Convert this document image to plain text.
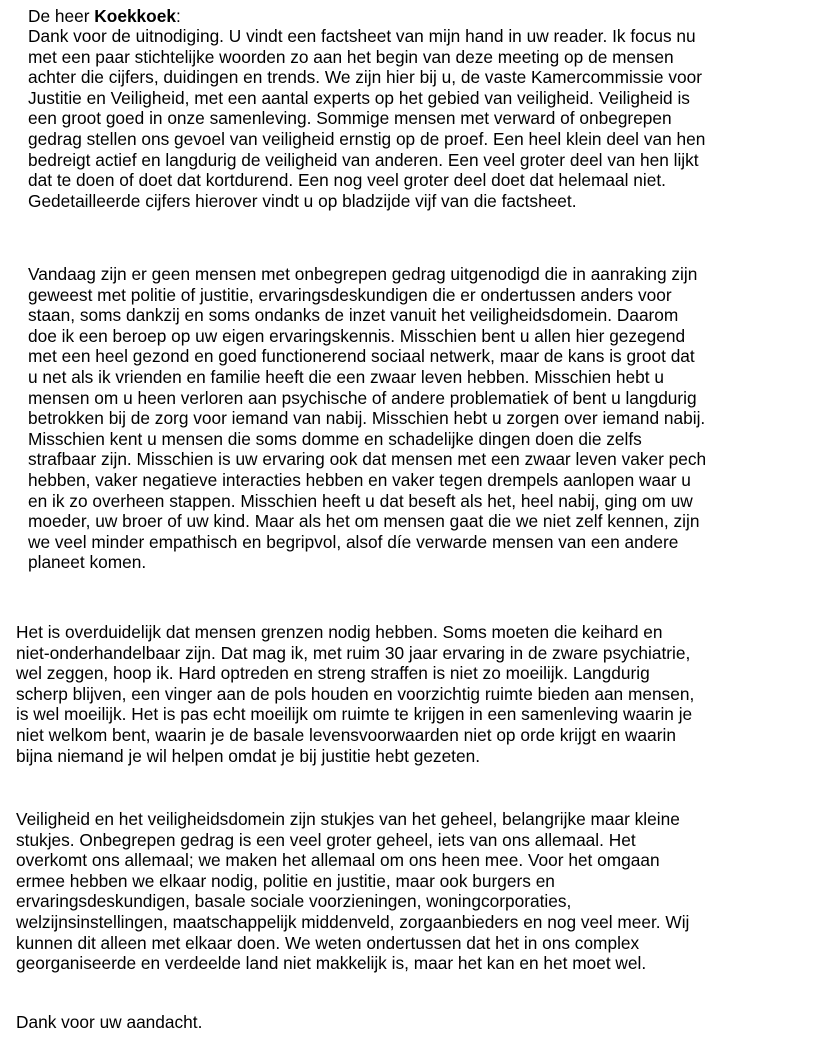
De heer Koekkoek:
Dank voor de uitnodiging. U vindt een factsheet van mijn hand in uw reader. Ik focus nu
met een paar stichtelijke woorden zo aan het begin van deze meeting op de mensen
achter die cijfers, duidingen en trends. We zijn hier bij u, de vaste Kamercommissie voor
Justitie en Veiligheid, met een aantal experts op het gebied van veiligheid. Veiligheid is
een groot goed in onze samenleving. Sommige mensen met verward of onbegrepen
gedrag stellen ons gevoel van veiligheid ernstig op de proef. Een heel klein deel van hen
bedreigt actief en langdurig de veiligheid van anderen. Een veel groter deel van hen lijkt
dat te doen of doet dat kortdurend. Een nog veel groter deel doet dat helemaal niet.
Gedetailleerde cijfers hierover vindt u op bladzijde vijf van die factsheet.
Vandaag zijn er geen mensen met onbegrepen gedrag uitgenodigd die in aanraking zijn
geweest met politie of justitie, ervaringsdeskundigen die er ondertussen anders voor
staan, soms dankzij en soms ondanks de inzet vanuit het veiligheidsdomein. Daarom
doe ik een beroep op uw eigen ervaringskennis. Misschien bent u allen hier gezegend
met een heel gezond en goed functionerend sociaal netwerk, maar de kans is groot dat
u net als ik vrienden en familie heeft die een zwaar leven hebben. Misschien hebt u
mensen om u heen verloren aan psychische of andere problematiek of bent u langdurig
betrokken bij de zorg voor iemand van nabij. Misschien hebt u zorgen over iemand nabij.
Misschien kent u mensen die soms domme en schadelijke dingen doen die zelfs
strafbaar zijn. Misschien is uw ervaring ook dat mensen met een zwaar leven vaker pech
hebben, vaker negatieve interacties hebben en vaker tegen drempels aanlopen waar u
en ik zo overheen stappen. Misschien heeft u dat beseft als het, heel nabij, ging om uw
moeder, uw broer of uw kind. Maar als het om mensen gaat die we niet zelf kennen, zijn
we veel minder empathisch en begripvol, alsof díe verwarde mensen van een andere
planeet komen.
Het is overduidelijk dat mensen grenzen nodig hebben. Soms moeten die keihard en
niet-onderhandelbaar zijn. Dat mag ik, met ruim 30 jaar ervaring in de zware psychiatrie,
wel zeggen, hoop ik. Hard optreden en streng straffen is niet zo moeilijk. Langdurig
scherp blijven, een vinger aan de pols houden en voorzichtig ruimte bieden aan mensen,
is wel moeilijk. Het is pas echt moeilijk om ruimte te krijgen in een samenleving waarin je
niet welkom bent, waarin je de basale levensvoorwaarden niet op orde krijgt en waarin
bijna niemand je wil helpen omdat je bij justitie hebt gezeten.
Veiligheid en het veiligheidsdomein zijn stukjes van het geheel, belangrijke maar kleine
stukjes. Onbegrepen gedrag is een veel groter geheel, iets van ons allemaal. Het
overkomt ons allemaal; we maken het allemaal om ons heen mee. Voor het omgaan
ermee hebben we elkaar nodig, politie en justitie, maar ook burgers en
ervaringsdeskundigen, basale sociale voorzieningen, woningcorporaties,
welzijnsinstellingen, maatschappelijk middenveld, zorgaanbieders en nog veel meer. Wij
kunnen dit alleen met elkaar doen. We weten ondertussen dat het in ons complex
georganiseerde en verdeelde land niet makkelijk is, maar het kan en het moet wel.
Dank voor uw aandacht.
